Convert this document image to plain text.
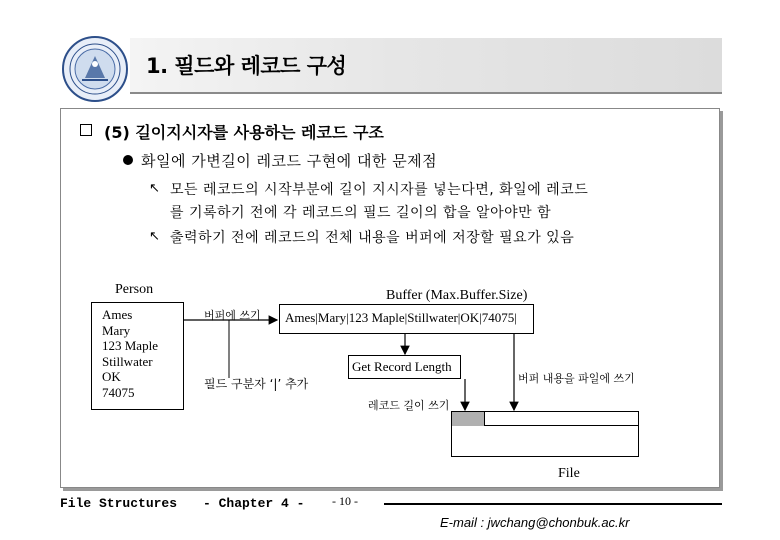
1. 필드와 레코드 구성
(5) 길이지시자를 사용하는 레코드 구조
화일에 가변길이 레코드 구현에 대한 문제점
↖ 모든 레코드의 시작부분에 길이 지시자를 넣는다면, 화일에 레코드
를 기록하기 전에 각 레코드의 필드 길이의 합을 알아야만 함
↖ 출력하기 전에 레코드의 전체 내용을 버퍼에 저장할 필요가 있음
Person
Ames
Mary
123 Maple
Stillwater
OK
74075
Buffer (Max.Buffer.Size)
버퍼에 쓰기	Ames|Mary|123 Maple|Stillwater|OK|74075|
Get Record Length
필드 구분자 ‘|’ 추가	버퍼 내용을 파일에 쓰기
레코드 길이 쓰기
File
File Structures - Chapter 4 - - 10 -
E-mail : jwchang@chonbuk.ac.kr
